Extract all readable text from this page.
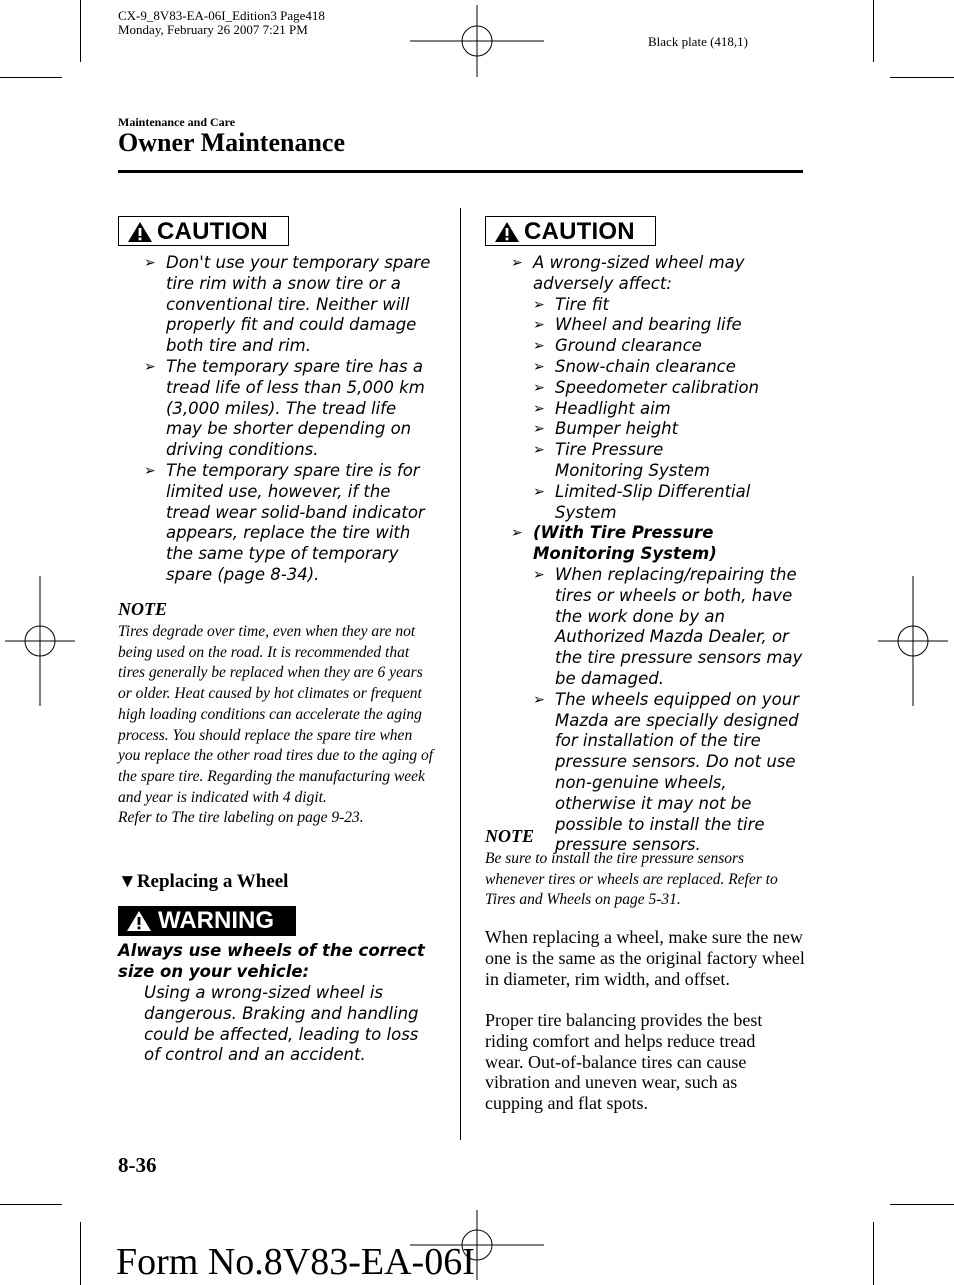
CX-9_8V83-EA-06I_Edition3 Page418
Monday, February 26 2007 7:21 PM
Black plate (418,1)
Maintenance and Care
Owner Maintenance
CAUTION
➢ Don't use your temporary spare tire rim with a snow tire or a conventional tire. Neither will properly fit and could damage both tire and rim.
➢ The temporary spare tire has a tread life of less than 5,000 km (3,000 miles). The tread life may be shorter depending on driving conditions.
➢ The temporary spare tire is for limited use, however, if the tread wear solid-band indicator appears, replace the tire with the same type of temporary spare (page 8-34).
NOTE
Tires degrade over time, even when they are not being used on the road. It is recommended that tires generally be replaced when they are 6 years or older. Heat caused by hot climates or frequent high loading conditions can accelerate the aging process. You should replace the spare tire when you replace the other road tires due to the aging of the spare tire. Regarding the manufacturing week and year is indicated with 4 digit.
Refer to The tire labeling on page 9-23.
▼Replacing a Wheel
WARNING
Always use wheels of the correct size on your vehicle:
Using a wrong-sized wheel is dangerous. Braking and handling could be affected, leading to loss of control and an accident.
CAUTION
➢ A wrong-sized wheel may adversely affect:
➢ Tire fit
➢ Wheel and bearing life
➢ Ground clearance
➢ Snow-chain clearance
➢ Speedometer calibration
➢ Headlight aim
➢ Bumper height
➢ Tire Pressure Monitoring System
➢ Limited-Slip Differential System
➢ (With Tire Pressure Monitoring System)
➢ When replacing/repairing the tires or wheels or both, have the work done by an Authorized Mazda Dealer, or the tire pressure sensors may be damaged.
➢ The wheels equipped on your Mazda are specially designed for installation of the tire pressure sensors. Do not use non-genuine wheels, otherwise it may not be possible to install the tire pressure sensors.
NOTE
Be sure to install the tire pressure sensors whenever tires or wheels are replaced. Refer to Tires and Wheels on page 5-31.
When replacing a wheel, make sure the new one is the same as the original factory wheel in diameter, rim width, and offset.
Proper tire balancing provides the best riding comfort and helps reduce tread wear. Out-of-balance tires can cause vibration and uneven wear, such as cupping and flat spots.
8-36
Form No.8V83-EA-06I
